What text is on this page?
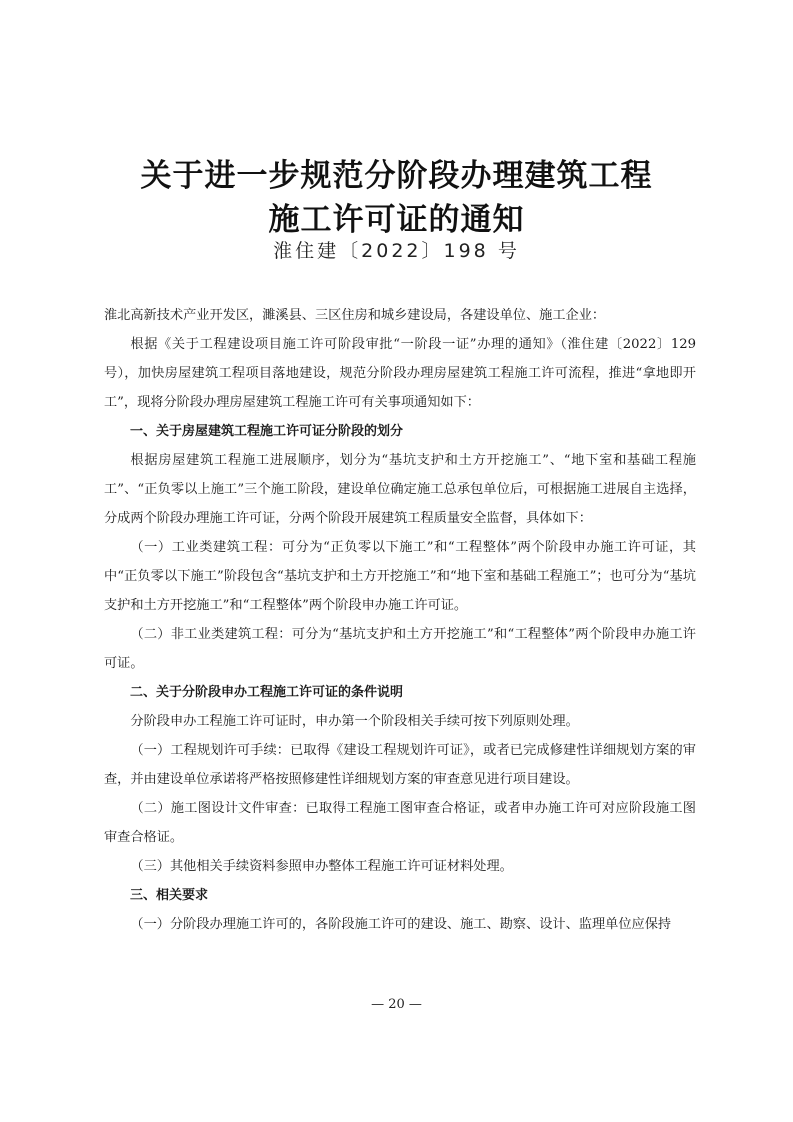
关于进一步规范分阶段办理建筑工程
施工许可证的通知
淮住建〔2022〕198 号

淮北高新技术产业开发区，濉溪县、三区住房和城乡建设局，各建设单位、施工企业：

根据《关于工程建设项目施工许可阶段审批“一阶段一证”办理的通知》（淮住建〔2022〕129号），加快房屋建筑工程项目落地建设，规范分阶段办理房屋建筑工程施工许可流程，推进“拿地即开工”，现将分阶段办理房屋建筑工程施工许可有关事项通知如下：

一、关于房屋建筑工程施工许可证分阶段的划分

根据房屋建筑工程施工进展顺序，划分为“基坑支护和土方开挖施工”、“地下室和基础工程施工”、“正负零以上施工”三个施工阶段，建设单位确定施工总承包单位后，可根据施工进展自主选择，分成两个阶段办理施工许可证，分两个阶段开展建筑工程质量安全监督，具体如下：

（一）工业类建筑工程：可分为“正负零以下施工”和“工程整体”两个阶段申办施工许可证，其中“正负零以下施工”阶段包含“基坑支护和土方开挖施工”和“地下室和基础工程施工”；也可分为“基坑支护和土方开挖施工”和“工程整体”两个阶段申办施工许可证。

（二）非工业类建筑工程：可分为“基坑支护和土方开挖施工”和“工程整体”两个阶段申办施工许可证。

二、关于分阶段申办工程施工许可证的条件说明

分阶段申办工程施工许可证时，申办第一个阶段相关手续可按下列原则处理。

（一）工程规划许可手续：已取得《建设工程规划许可证》，或者已完成修建性详细规划方案的审查，并由建设单位承诺将严格按照修建性详细规划方案的审查意见进行项目建设。

（二）施工图设计文件审查：已取得工程施工图审查合格证，或者申办施工许可对应阶段施工图审查合格证。

（三）其他相关手续资料参照申办整体工程施工许可证材料处理。

三、相关要求

（一）分阶段办理施工许可的，各阶段施工许可的建设、施工、勘察、设计、监理单位应保持

— 20 —
